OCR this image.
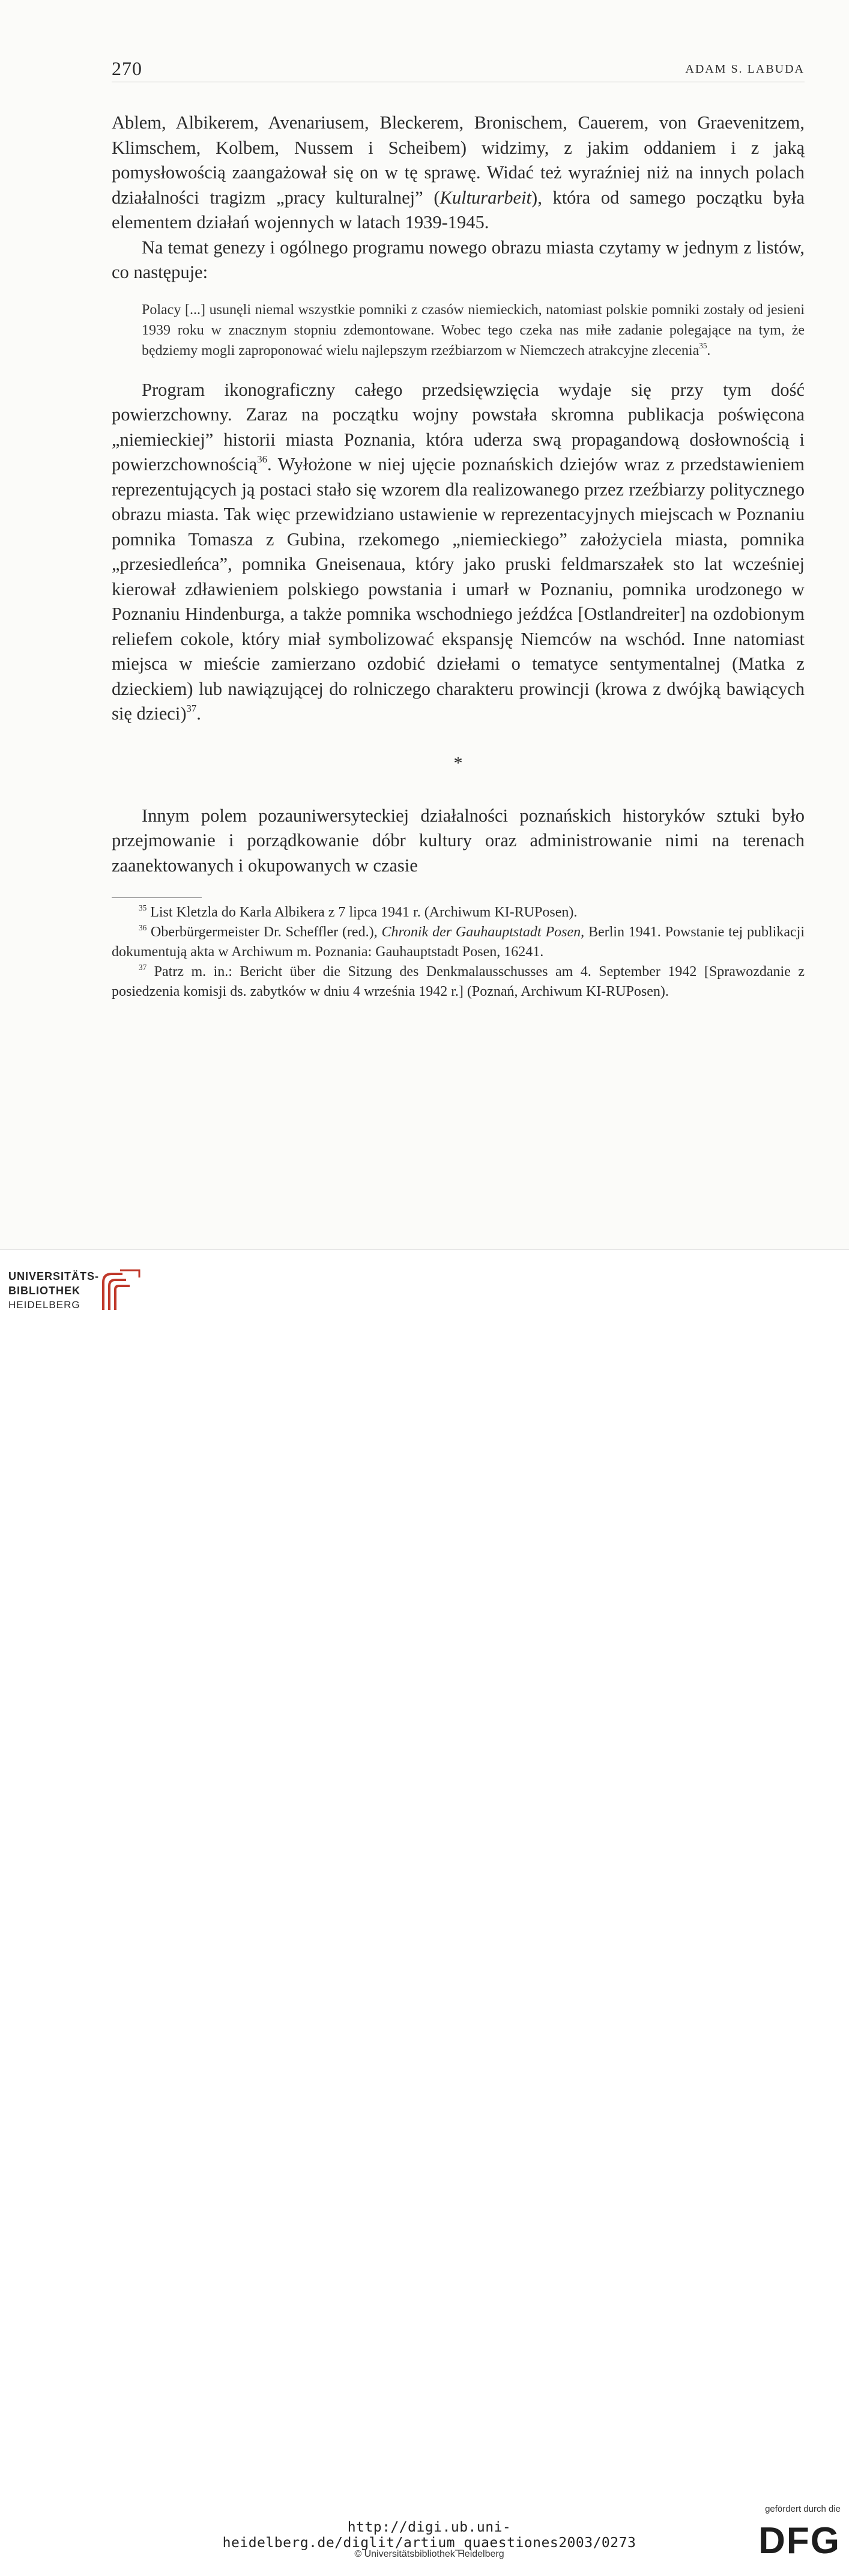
270	ADAM S. LABUDA

Ablem, Albikerem, Avenariusem, Bleckerem, Bronischem, Cauerem, von Graevenitzem, Klimschem, Kolbem, Nussem i Scheibem) widzimy, z jakim oddaniem i z jaką pomysłowością zaangażował się on w tę sprawę. Widać też wyraźniej niż na innych polach działalności tragizm „pracy kulturalnej” (Kulturarbeit), która od samego początku była elementem działań wojennych w latach 1939-1945.

Na temat genezy i ogólnego programu nowego obrazu miasta czytamy w jednym z listów, co następuje:

Polacy [...] usunęli niemal wszystkie pomniki z czasów niemieckich, natomiast polskie pomniki zostały od jesieni 1939 roku w znacznym stopniu zdemontowane. Wobec tego czeka nas miłe zadanie polegające na tym, że będziemy mogli zaproponować wielu najlepszym rzeźbiarzom w Niemczech atrakcyjne zlecenia$^{35}$.

Program ikonograficzny całego przedsięwzięcia wydaje się przy tym dość powierzchowny. Zaraz na początku wojny powstała skromna publikacja poświęcona „niemieckiej” historii miasta Poznania, która uderza swą propagandową dosłownością i powierzchownością$^{36}$. Wyłożone w niej ujęcie poznańskich dziejów wraz z przedstawieniem reprezentujących ją postaci stało się wzorem dla realizowanego przez rzeźbiarzy politycznego obrazu miasta. Tak więc przewidziano ustawienie w reprezentacyjnych miejscach w Poznaniu pomnika Tomasza z Gubina, rzekomego „niemieckiego” założyciela miasta, pomnika „przesiedleńca”, pomnika Gneisenaua, który jako pruski feldmarszałek sto lat wcześniej kierował zdławieniem polskiego powstania i umarł w Poznaniu, pomnika urodzonego w Poznaniu Hindenburga, a także pomnika wschodniego jeźdźca [Ostlandreiter] na ozdobionym reliefem cokole, który miał symbolizować ekspansję Niemców na wschód. Inne natomiast miejsca w mieście zamierzano ozdobić dziełami o tematyce sentymentalnej (Matka z dzieckiem) lub nawiązującej do rolniczego charakteru prowincji (krowa z dwójką bawiących się dzieci)$^{37}$.

*

Innym polem pozauniwersyteckiej działalności poznańskich historyków sztuki było przejmowanie i porządkowanie dóbr kultury oraz administrowanie nimi na terenach zaanektowanych i okupowanych w czasie

$^{35}$ List Kletzla do Karla Albikera z 7 lipca 1941 r. (Archiwum KI-RUPosen).

$^{36}$ Oberbürgermeister Dr. Scheffler (red.), Chronik der Gauhauptstadt Posen, Berlin 1941. Powstanie tej publikacji dokumentują akta w Archiwum m. Poznania: Gauhauptstadt Posen, 16241.

$^{37}$ Patrz m. in.: Bericht über die Sitzung des Denkmalausschusses am 4. September 1942 [Sprawozdanie z posiedzenia komisji ds. zabytków w dniu 4 września 1942 r.] (Poznań, Archiwum KI-RUPosen).

UNIVERSITÄTS-
BIBLIOTHEK
HEIDELBERG
http://digi.ub.uni-heidelberg.de/diglit/artium_quaestiones2003/0273
© Universitätsbibliothek Heidelberg
gefördert durch die
DFG
